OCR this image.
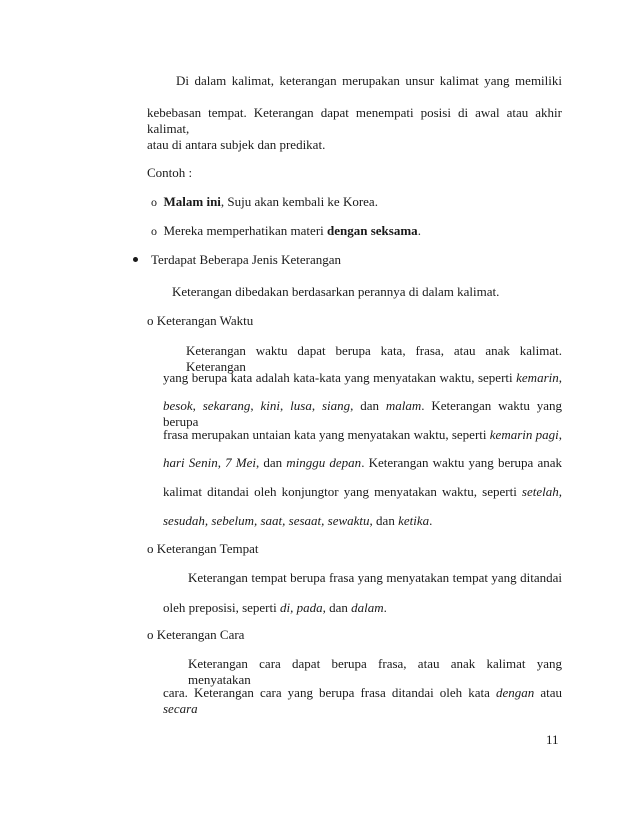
Di dalam kalimat, keterangan merupakan unsur kalimat yang memiliki
kebebasan tempat. Keterangan dapat menempati posisi di awal atau akhir kalimat,
atau di antara subjek dan predikat.
Contoh :
o Malam ini, Suju akan kembali ke Korea.
o Mereka memperhatikan materi dengan seksama.
Terdapat Beberapa Jenis Keterangan
Keterangan dibedakan berdasarkan perannya di dalam kalimat.
o Keterangan Waktu
Keterangan waktu dapat berupa kata, frasa, atau anak kalimat. Keterangan
yang berupa kata adalah kata-kata yang menyatakan waktu, seperti kemarin,
besok, sekarang, kini, lusa, siang, dan malam. Keterangan waktu yang berupa
frasa merupakan untaian kata yang menyatakan waktu, seperti kemarin pagi,
hari Senin, 7 Mei, dan minggu depan. Keterangan waktu yang berupa anak
kalimat ditandai oleh konjungtor yang menyatakan waktu, seperti setelah,
sesudah, sebelum, saat, sesaat, sewaktu, dan ketika.
o Keterangan Tempat
Keterangan tempat berupa frasa yang menyatakan tempat yang ditandai
oleh preposisi, seperti di, pada, dan dalam.
o Keterangan Cara
Keterangan cara dapat berupa frasa, atau anak kalimat yang menyatakan
cara. Keterangan cara yang berupa frasa ditandai oleh kata dengan atau secara
11
